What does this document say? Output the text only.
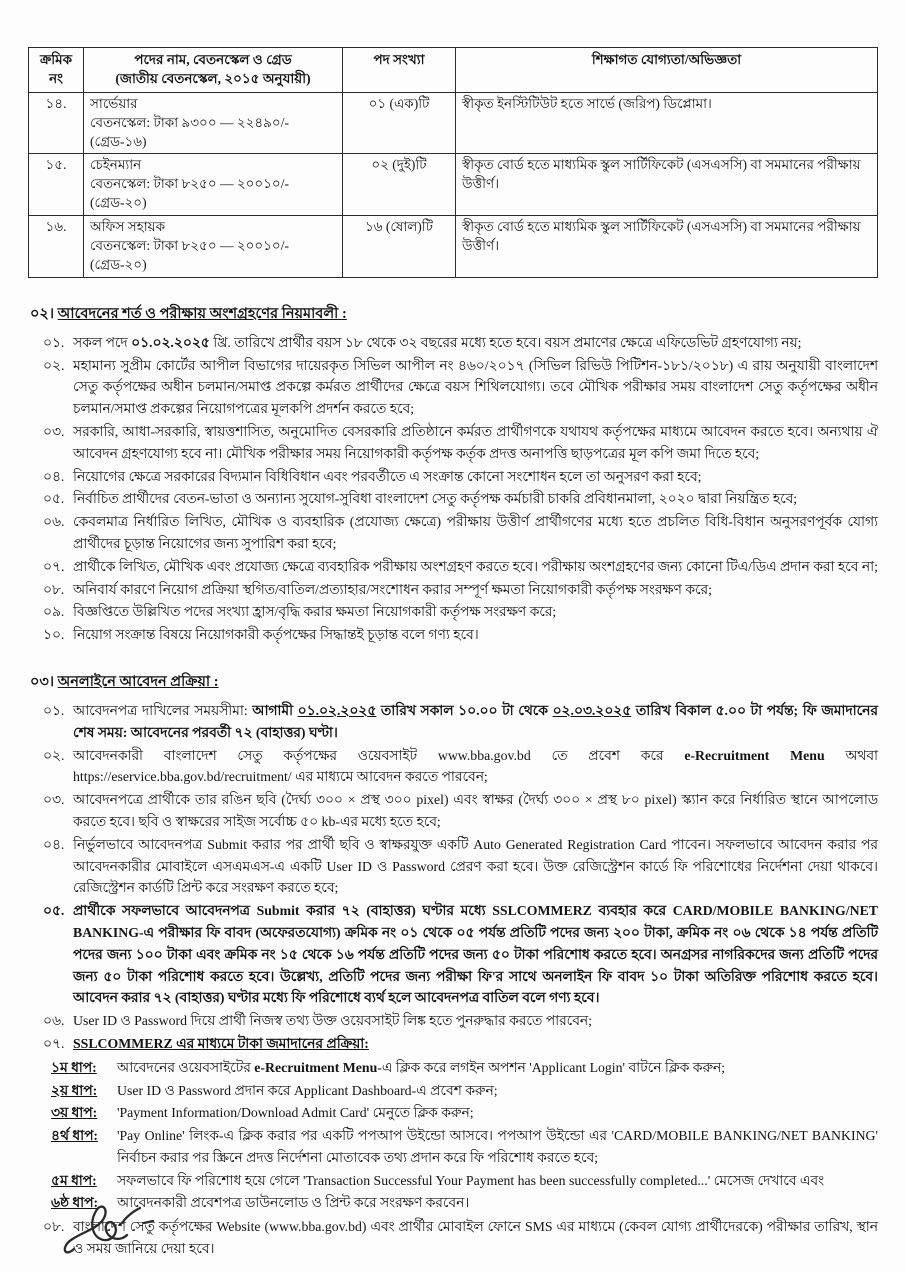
ক্রমিক
নং

পদের নাম, বেতনস্কেল ও গ্রেড
(জাতীয় বেতনস্কেল, ২০১৫ অনুযায়ী)
	পদ সংখ্যা	শিক্ষাগত যোগ্যতা/অভিজ্ঞতা
১৪.	সার্ভেয়ার
বেতনস্কেল: টাকা ৯৩০০ — ২২৪৯০/-
(গ্রেড-১৬)	০১ (এক)টি	স্বীকৃত ইনস্টিটিউট হতে সার্ভে (জরিপ) ডিপ্লোমা।
১৫.	চেইনম্যান
বেতনস্কেল: টাকা ৮২৫০ — ২০০১০/-
(গ্রেড-২০)	০২ (দুই)টি	স্বীকৃত বোর্ড হতে মাধ্যমিক স্কুল সার্টিফিকেট (এসএসসি) বা সমমানের পরীক্ষায় উত্তীর্ণ।
১৬.	অফিস সহায়ক
বেতনস্কেল: টাকা ৮২৫০ — ২০০১০/-
(গ্রেড-২০)	১৬ (ষোল)টি	স্বীকৃত বোর্ড হতে মাধ্যমিক স্কুল সার্টিফিকেট (এসএসসি) বা সমমানের পরীক্ষায় উত্তীর্ণ।
০২। আবেদনের শর্ত ও পরীক্ষায় অংশগ্রহণের নিয়মাবলী :
০১. সকল পদে ০১.০২.২০২৫ খ্রি. তারিখে প্রার্থীর বয়স ১৮ থেকে ৩২ বছরের মধ্যে হতে হবে। বয়স প্রমাণের ক্ষেত্রে এফিডেভিট গ্রহণযোগ্য নয়;
০২. মহামান্য সুপ্রীম কোর্টের আপীল বিভাগের দায়েরকৃত সিভিল আপীল নং ৪৬০/২০১৭ (সিভিল রিভিউ পিটিশন-১৮১/২০১৮) এ রায় অনুযায়ী বাংলাদেশ সেতু কর্তৃপক্ষের অধীন চলমান/সমাপ্ত প্রকল্পে কর্মরত প্রার্থীদের ক্ষেত্রে বয়স শিথিলযোগ্য। তবে মৌখিক পরীক্ষার সময় বাংলাদেশ সেতু কর্তৃপক্ষের অধীন চলমান/সমাপ্ত প্রকল্পের নিয়োগপত্রের মূলকপি প্রদর্শন করতে হবে;
০৩. সরকারি, আধা-সরকারি, স্বায়ত্তশাসিত, অনুমোদিত বেসরকারি প্রতিষ্ঠানে কর্মরত প্রার্থীগণকে যথাযথ কর্তৃপক্ষের মাধ্যমে আবেদন করতে হবে। অন্যথায় ঐ আবেদন গ্রহণযোগ্য হবে না। মৌখিক পরীক্ষার সময় নিয়োগকারী কর্তৃপক্ষ কর্তৃক প্রদত্ত অনাপত্তি ছাড়পত্রের মূল কপি জমা দিতে হবে;
০৪. নিয়োগের ক্ষেত্রে সরকারের বিদ্যমান বিধিবিধান এবং পরবর্তীতে এ সংক্রান্ত কোনো সংশোধন হলে তা অনুসরণ করা হবে;
০৫. নির্বাচিত প্রার্থীদের বেতন-ভাতা ও অন্যান্য সুযোগ-সুবিধা বাংলাদেশ সেতু কর্তৃপক্ষ কর্মচারী চাকরি প্রবিধানমালা, ২০২০ দ্বারা নিয়ন্ত্রিত হবে;
০৬. কেবলমাত্র নির্ধারিত লিখিত, মৌখিক ও ব্যবহারিক (প্রযোজ্য ক্ষেত্রে) পরীক্ষায় উত্তীর্ণ প্রার্থীগণের মধ্যে হতে প্রচলিত বিধি-বিধান অনুসরণপূর্বক যোগ্য প্রার্থীদের চূড়ান্ত নিয়োগের জন্য সুপারিশ করা হবে;
০৭. প্রার্থীকে লিখিত, মৌখিক এবং প্রযোজ্য ক্ষেত্রে ব্যবহারিক পরীক্ষায় অংশগ্রহণ করতে হবে। পরীক্ষায় অংশগ্রহণের জন্য কোনো টিএ/ডিএ প্রদান করা হবে না;
০৮. অনিবার্য কারণে নিয়োগ প্রক্রিয়া স্থগিত/বাতিল/প্রত্যাহার/সংশোধন করার সম্পূর্ণ ক্ষমতা নিয়োগকারী কর্তৃপক্ষ সংরক্ষণ করে;
০৯. বিজ্ঞপ্তিতে উল্লিখিত পদের সংখ্যা হ্রাস/বৃদ্ধি করার ক্ষমতা নিয়োগকারী কর্তৃপক্ষ সংরক্ষণ করে;
১০. নিয়োগ সংক্রান্ত বিষয়ে নিয়োগকারী কর্তৃপক্ষের সিদ্ধান্তই চূড়ান্ত বলে গণ্য হবে।
০৩। অনলাইনে আবেদন প্রক্রিয়া :
০১. আবেদনপত্র দাখিলের সময়সীমা: আগামী ০১.০২.২০২৫ তারিখ সকাল ১০.০০ টা থেকে ০২.০৩.২০২৫ তারিখ বিকাল ৫.০০ টা পর্যন্ত; ফি জমাদানের শেষ সময়: আবেদনের পরবর্তী ৭২ (বাহাত্তর) ঘণ্টা।
০২. আবেদনকারী বাংলাদেশ সেতু কর্তৃপক্ষের ওয়েবসাইট www.bba.gov.bd তে প্রবেশ করে e-Recruitment Menu অথবা https://eservice.bba.gov.bd/recruitment/ এর মাধ্যমে আবেদন করতে পারবেন;
০৩. আবেদনপত্রে প্রার্থীকে তার রঙিন ছবি (দৈর্ঘ্য ৩০০ × প্রস্থ ৩০০ pixel) এবং স্বাক্ষর (দৈর্ঘ্য ৩০০ × প্রস্থ ৮০ pixel) স্ক্যান করে নির্ধারিত স্থানে আপলোড করতে হবে। ছবি ও স্বাক্ষরের সাইজ সর্বোচ্চ ৫০ kb-এর মধ্যে হতে হবে;
০৪. নির্ভুলভাবে আবেদনপত্র Submit করার পর প্রার্থী ছবি ও স্বাক্ষরযুক্ত একটি Auto Generated Registration Card পাবেন। সফলভাবে আবেদন করার পর আবেদনকারীর মোবাইলে এসএমএস-এ একটি User ID ও Password প্রেরণ করা হবে। উক্ত রেজিস্ট্রেশন কার্ডে ফি পরিশোধের নির্দেশনা দেয়া থাকবে। রেজিস্ট্রেশন কার্ডটি প্রিন্ট করে সংরক্ষণ করতে হবে;
০৫. প্রার্থীকে সফলভাবে আবেদনপত্র Submit করার ৭২ (বাহাত্তর) ঘণ্টার মধ্যে SSLCOMMERZ ব্যবহার করে CARD/MOBILE BANKING/NET BANKING-এ পরীক্ষার ফি বাবদ (অফেরতযোগ্য) ক্রমিক নং ০১ থেকে ০৫ পর্যন্ত প্রতিটি পদের জন্য ২০০ টাকা, ক্রমিক নং ০৬ থেকে ১৪ পর্যন্ত প্রতিটি পদের জন্য ১০০ টাকা এবং ক্রমিক নং ১৫ থেকে ১৬ পর্যন্ত প্রতিটি পদের জন্য ৫০ টাকা পরিশোধ করতে হবে। অনগ্রসর নাগরিকদের জন্য প্রতিটি পদের জন্য ৫০ টাকা পরিশোধ করতে হবে। উল্লেখ্য, প্রতিটি পদের জন্য পরীক্ষা ফি'র সাথে অনলাইন ফি বাবদ ১০ টাকা অতিরিক্ত পরিশোধ করতে হবে। আবেদন করার ৭২ (বাহাত্তর) ঘণ্টার মধ্যে ফি পরিশোধে ব্যর্থ হলে আবেদনপত্র বাতিল বলে গণ্য হবে।
০৬. User ID ও Password দিয়ে প্রার্থী নিজস্ব তথ্য উক্ত ওয়েবসাইট লিঙ্ক হতে পুনরুদ্ধার করতে পারবেন;
০৭. SSLCOMMERZ এর মাধ্যমে টাকা জমাদানের প্রক্রিয়া:
১ম ধাপ:	আবেদনের ওয়েবসাইটের e-Recruitment Menu-এ ক্লিক করে লগইন অপশন 'Applicant Login' বাটনে ক্লিক করুন;
২য় ধাপ:	User ID ও Password প্রদান করে Applicant Dashboard-এ প্রবেশ করুন;
৩য় ধাপ:	'Payment Information/Download Admit Card' মেনুতে ক্লিক করুন;
৪র্থ ধাপ:	'Pay Online' লিংক-এ ক্লিক করার পর একটি পপআপ উইন্ডো আসবে। পপআপ উইন্ডো এর 'CARD/MOBILE BANKING/NET BANKING' নির্বাচন করার পর স্ক্রিনে প্রদত্ত নির্দেশনা মোতাবেক তথ্য প্রদান করে ফি পরিশোধ করতে হবে;
৫ম ধাপ:	সফলভাবে ফি পরিশোধ হয়ে গেলে 'Transaction Successful Your Payment has been successfully completed...' মেসেজ দেখাবে এবং
৬ষ্ঠ ধাপ:	আবেদনকারী প্রবেশপত্র ডাউনলোড ও প্রিন্ট করে সংরক্ষণ করবেন।
০৮. বাংলাদেশ সেতু কর্তৃপক্ষের Website (www.bba.gov.bd) এবং প্রার্থীর মোবাইল ফোনে SMS এর মাধ্যমে (কেবল যোগ্য প্রার্থীদেরকে) পরীক্ষার তারিখ, স্থান ও সময় জানিয়ে দেয়া হবে।
